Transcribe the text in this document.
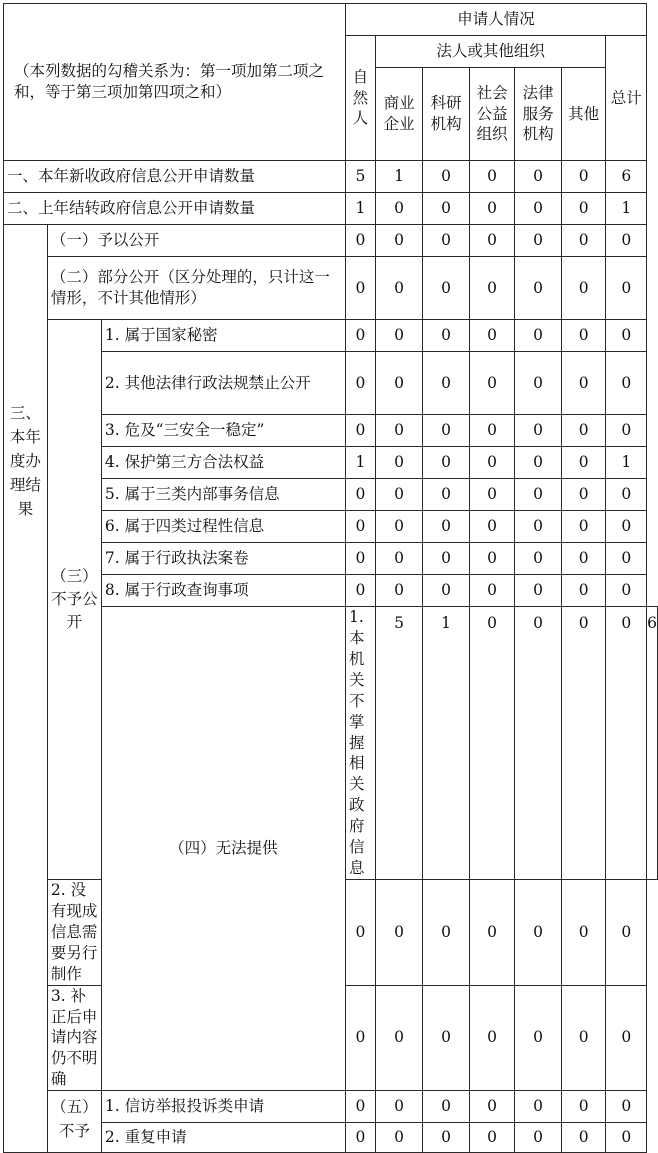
（本列数据的勾稽关系为：第一项加第二项之和，等于第三项加第四项之和）			申请人情况							
			自然人	法人或其他组织					总计	
				商业企业	科研机构	社会公益组织	法律服务机构	其他		
一、本年新收政府信息公开申请数量			5	1	0	0	0	0	6	
二、上年结转政府信息公开申请数量			1	0	0	0	0	0	1	
三、本年度办理结果	（一）予以公开		0	0	0	0	0	0	0	
	（二）部分公开（区分处理的，只计这一情形，不计其他情形）		0	0	0	0	0	0	0	
	（三）不予公开	1. 属于国家秘密	0	0	0	0	0	0	0	
		2. 其他法律行政法规禁止公开	0	0	0	0	0	0	0	
		3. 危及“三安全一稳定”	0	0	0	0	0	0	0	
		4. 保护第三方合法权益	1	0	0	0	0	0	1	
		5. 属于三类内部事务信息	0	0	0	0	0	0	0	
		6. 属于四类过程性信息	0	0	0	0	0	0	0	
		7. 属于行政执法案卷	0	0	0	0	0	0	0	
		8. 属于行政查询事项	0	0	0	0	0	0	0	
		（四）无法提供	1. 本机关不掌握相关政府信息	5	1	0	0	0	0	6
	2. 没有现成信息需要另行制作		0	0	0	0	0	0	0	
	3. 补正后申请内容仍不明确		0	0	0	0	0	0	0	
	（五）不予	1. 信访举报投诉类申请	0	0	0	0	0	0	0	
		2. 重复申请	0	0	0	0	0	0	0	
